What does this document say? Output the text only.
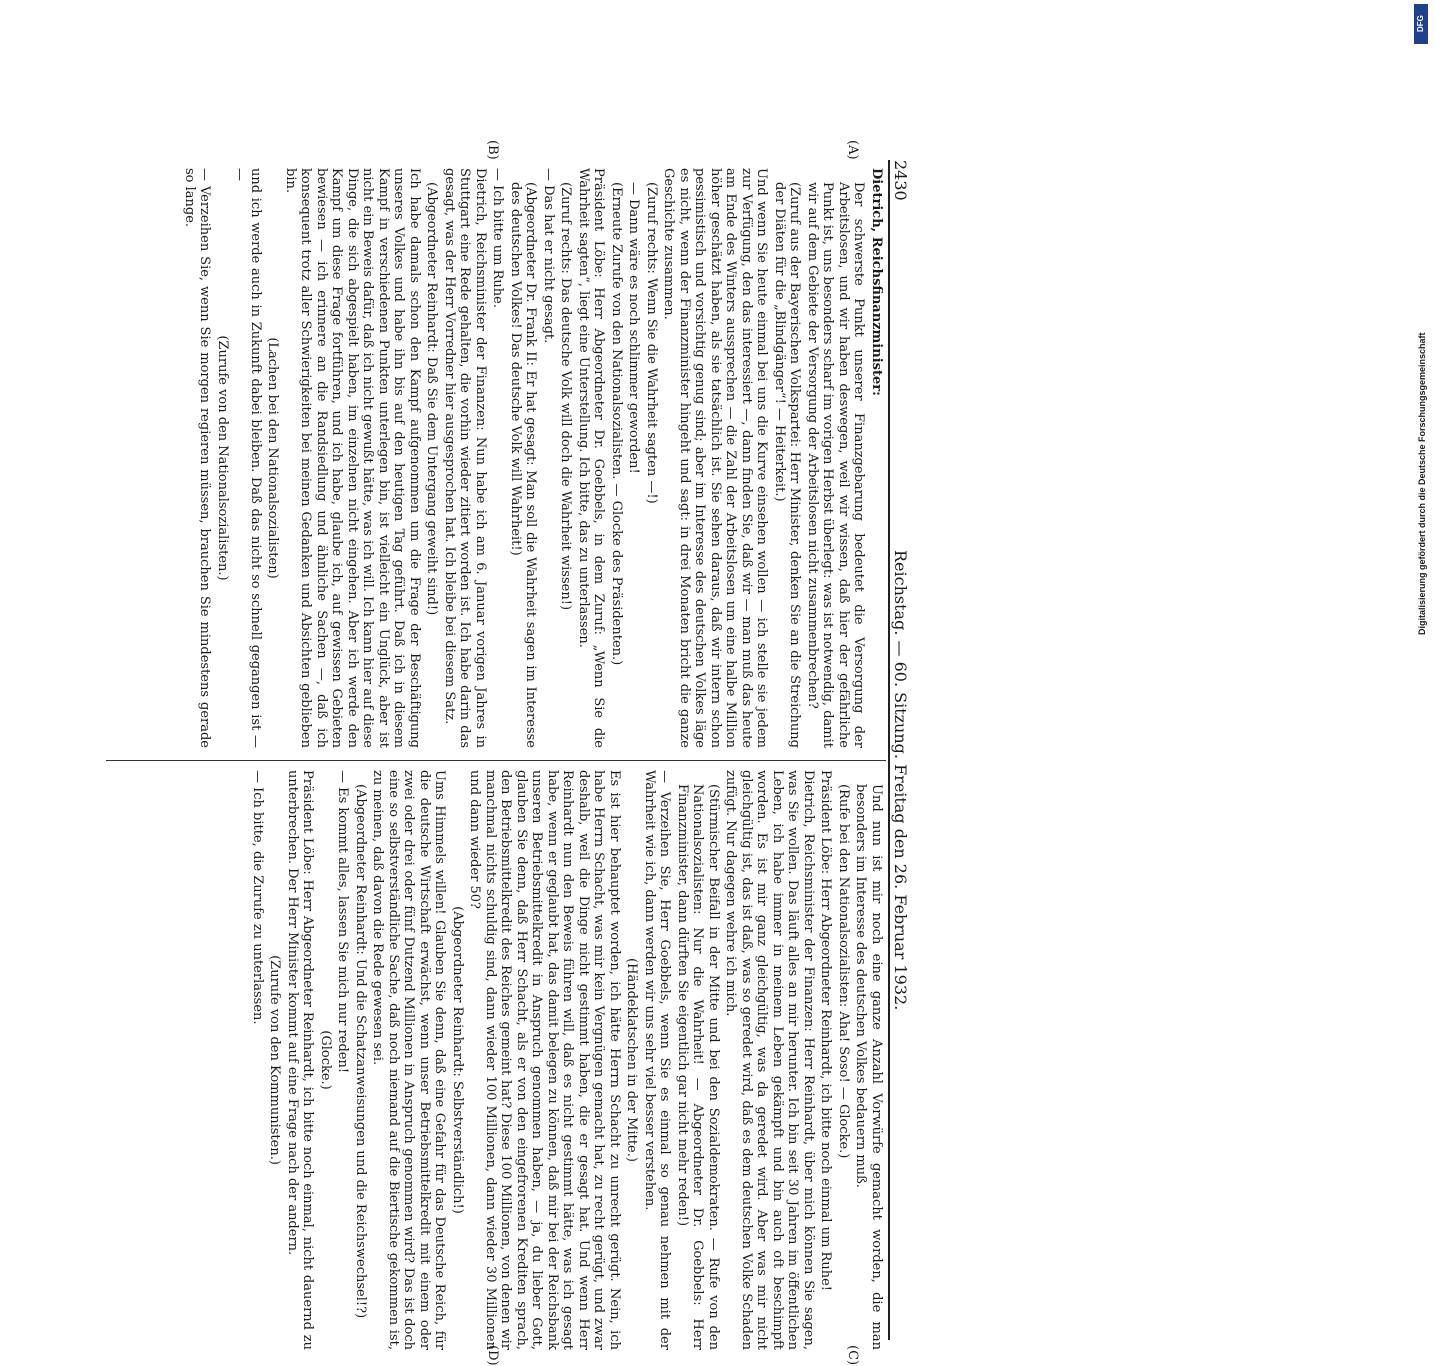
2430
Reichstag. — 60. Sitzung. Freitag den 26. Februar 1932.
(A)
(B)
(C)
(D)

Dietrich, Reichsfinanzminister:

Der schwerste Punkt unserer Finanzgebarung bedeutet die Versorgung der Arbeitslosen, und wir haben deswegen, weil wir wissen, daß hier der gefährliche Punkt ist, uns besonders scharf im vorigen Herbst überlegt: was ist notwendig, damit wir auf dem Gebiete der Versorgung der Arbeitslosen nicht zusammenbrechen?

(Zuruf aus der Bayerischen Volkspartei: Herr Minister, denken Sie an die Streichung der Diäten für die „Blindgänger“! — Heiterkeit.)

Und wenn Sie heute einmal bei uns die Kurve einsehen wollen — ich stelle sie jedem zur Verfügung, den das interessiert —, dann finden Sie, daß wir — man muß das heute am Ende des Winters aussprechen — die Zahl der Arbeitslosen um eine halbe Million höher geschätzt haben, als sie tatsächlich ist. Sie sehen daraus, daß wir intern schon pessimistisch und vorsichtig genug sind; aber im Interesse des deutschen Volkes läge es nicht, wenn der Finanzminister hingeht und sagt: in drei Monaten bricht die ganze Geschichte zusammen.

(Zuruf rechts: Wenn Sie die Wahrheit sagten —!)

— Dann wäre es noch schlimmer geworden!

(Erneute Zurufe von den Nationalsozialisten. — Glocke des Präsidenten.)

Präsident Löbe: Herr Abgeordneter Dr. Goebbels, in dem Zuruf: „Wenn Sie die Wahrheit sagten“, liegt eine Unterstellung. Ich bitte, das zu unterlassen.

(Zuruf rechts: Das deutsche Volk will doch die Wahrheit wissen!)

— Das hat er nicht gesagt.

(Abgeordneter Dr. Frank II: Er hat gesagt: Man soll die Wahrheit sagen im Interesse des deutschen Volkes! Das deutsche Volk will Wahrheit!)

— Ich bitte um Ruhe.

Dietrich, Reichsminister der Finanzen: Nun habe ich am 6. Januar vorigen Jahres in Stuttgart eine Rede gehalten, die vorhin wieder zitiert worden ist. Ich habe darin das gesagt, was der Herr Vorredner hier ausgesprochen hat. Ich bleibe bei diesem Satz.

(Abgeordneter Reinhardt: Daß Sie dem Untergang geweiht sind!)

Ich habe damals schon den Kampf aufgenommen um die Frage der Beschäftigung unseres Volkes und habe ihn bis auf den heutigen Tag geführt. Daß ich in diesem Kampf in verschiedenen Punkten unterlegen bin, ist vielleicht ein Unglück, aber ist nicht ein Beweis dafür, daß ich nicht gewußt hätte, was ich will. Ich kann hier auf diese Dinge, die sich abgespielt haben, im einzelnen nicht eingehen. Aber ich werde den Kampf um diese Frage fortführen, und ich habe, glaube ich, auf gewissen Gebieten bewiesen — ich erinnere an die Randsiedlung und ähnliche Sachen —, daß ich konsequent trotz aller Schwierigkeiten bei meinen Gedanken und Absichten geblieben bin.

(Lachen bei den Nationalsozialisten)

und ich werde auch in Zukunft dabei bleiben. Daß das nicht so schnell gegangen ist — —

(Zurufe von den Nationalsozialisten.)

— Verzeihen Sie, wenn Sie morgen regieren müssen, brauchen Sie mindestens gerade so lange.

Und nun ist mir noch eine ganze Anzahl Vorwürfe gemacht worden, die man besonders im Interesse des deutschen Volkes bedauern muß.

(Rufe bei den Nationalsozialisten: Aha! Soso! — Glocke.)

Präsident Löbe: Herr Abgeordneter Reinhardt, ich bitte noch einmal um Ruhe!

Dietrich, Reichsminister der Finanzen: Herr Reinhardt, über mich können Sie sagen, was Sie wollen. Das läuft alles an mir herunter. Ich bin seit 30 Jahren im öffentlichen Leben, ich habe immer in meinem Leben gekämpft und bin auch oft beschimpft worden. Es ist mir ganz gleichgültig, was da geredet wird. Aber was mir nicht gleichgültig ist, das ist daß, was so geredet wird, daß es dem deutschen Volke Schaden zufügt. Nur dagegen wehre ich mich.

(Stürmischer Beifall in der Mitte und bei den Sozialdemokraten. — Rufe von den Nationalsozialisten: Nur die Wahrheit! — Abgeordneter Dr. Goebbels: Herr Finanzminister, dann dürften Sie eigentlich gar nicht mehr reden!)

— Verzeihen Sie, Herr Goebbels, wenn Sie es einmal so genau nehmen mit der Wahrheit wie ich, dann werden wir uns sehr viel besser verstehen.

(Händeklatschen in der Mitte.)

Es ist hier behauptet worden, ich hätte Herrn Schacht zu unrecht gerügt. Nein, ich habe Herrn Schacht, was mir kein Vergnügen gemacht hat, zu recht gerügt, und zwar deshalb, weil die Dinge nicht gestimmt haben, die er gesagt hat. Und wenn Herr Reinhardt nun den Beweis führen will, daß es nicht gestimmt hätte, was ich gesagt habe, wenn er geglaubt hat, das damit belegen zu können, daß mir bei der Reichsbank unseren Betriebsmittelkredit in Anspruch genommen haben, — ja, du lieber Gott, glauben Sie denn, daß Herr Schacht, als er von den eingefrorenen Krediten sprach, den Betriebsmittelkredit des Reiches gemeint hat? Diese 100 Millionen, von denen wir manchmal nichts schuldig sind, dann wieder 100 Millionen, dann wieder 30 Millionen und dann wieder 50?

(Abgeordneter Reinhardt: Selbstverständlich!)

Ums Himmels willen! Glauben Sie denn, daß eine Gefahr für das Deutsche Reich, für die deutsche Wirtschaft erwächst, wenn unser Betriebsmittelkredit mit einem oder zwei oder drei oder fünf Dutzend Millionen in Anspruch genommen wird? Das ist doch eine so selbstverständliche Sache, daß noch niemand auf die Biertische gekommen ist, zu meinen, daß davon die Rede gewesen sei.

(Abgeordneter Reinhardt: Und die Schatzanweisungen und die Reichswechsel!?)

— Es kommt alles, lassen Sie mich nur reden!

(Glocke.)

Präsident Löbe: Herr Abgeordneter Reinhardt, ich bitte noch einmal, nicht dauernd zu unterbrechen. Der Herr Minister kommt auf eine Frage nach der andern.

(Zurufe von den Kommunisten.)

— Ich bitte, die Zurufe zu unterlassen.

DFG
Digitalisierung gefördert durch die Deutsche Forschungsgemeinschaft
